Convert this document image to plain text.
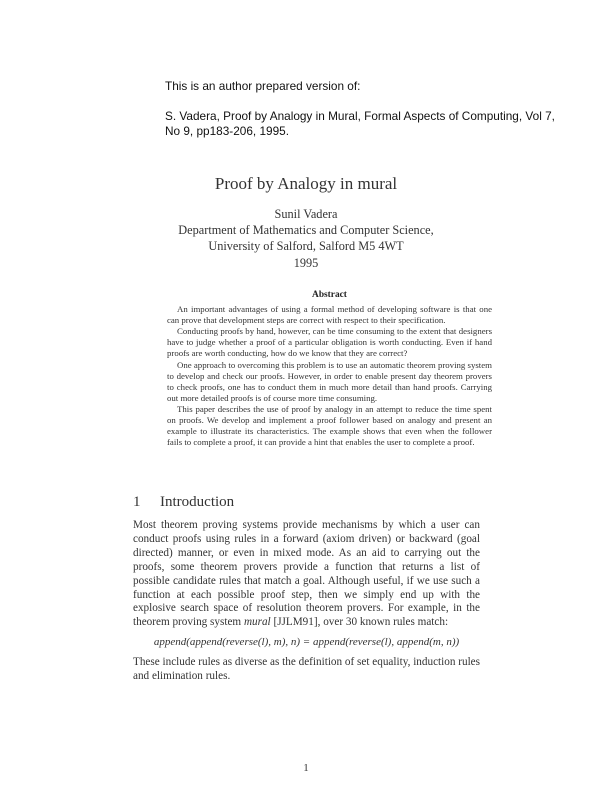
This is an author prepared version of:

S. Vadera, Proof by Analogy in Mural, Formal Aspects of Computing, Vol 7, No 9, pp183-206, 1995.

Proof by Analogy in mural
Sunil Vadera
Department of Mathematics and Computer Science,
University of Salford, Salford M5 4WT
1995
Abstract

An important advantages of using a formal method of developing software is that one can prove that development steps are correct with respect to their specification.

Conducting proofs by hand, however, can be time consuming to the extent that designers have to judge whether a proof of a particular obligation is worth conducting. Even if hand proofs are worth conducting, how do we know that they are correct?

One approach to overcoming this problem is to use an automatic theorem proving system to develop and check our proofs. However, in order to enable present day theorem provers to check proofs, one has to conduct them in much more detail than hand proofs. Carrying out more detailed proofs is of course more time consuming.

This paper describes the use of proof by analogy in an attempt to reduce the time spent on proofs. We develop and implement a proof follower based on analogy and present an example to illustrate its characteristics. The example shows that even when the follower fails to complete a proof, it can provide a hint that enables the user to complete a proof.

1 Introduction

Most theorem proving systems provide mechanisms by which a user can conduct proofs using rules in a forward (axiom driven) or backward (goal directed) manner, or even in mixed mode. As an aid to carrying out the proofs, some theorem provers provide a function that returns a list of possible candidate rules that match a goal. Although useful, if we use such a function at each possible proof step, then we simply end up with the explosive search space of resolution theorem provers. For example, in the theorem proving system mural [JJLM91], over 30 known rules match:

append(append(reverse(l), m), n) = append(reverse(l), append(m, n))

These include rules as diverse as the definition of set equality, induction rules and elimination rules.

1
